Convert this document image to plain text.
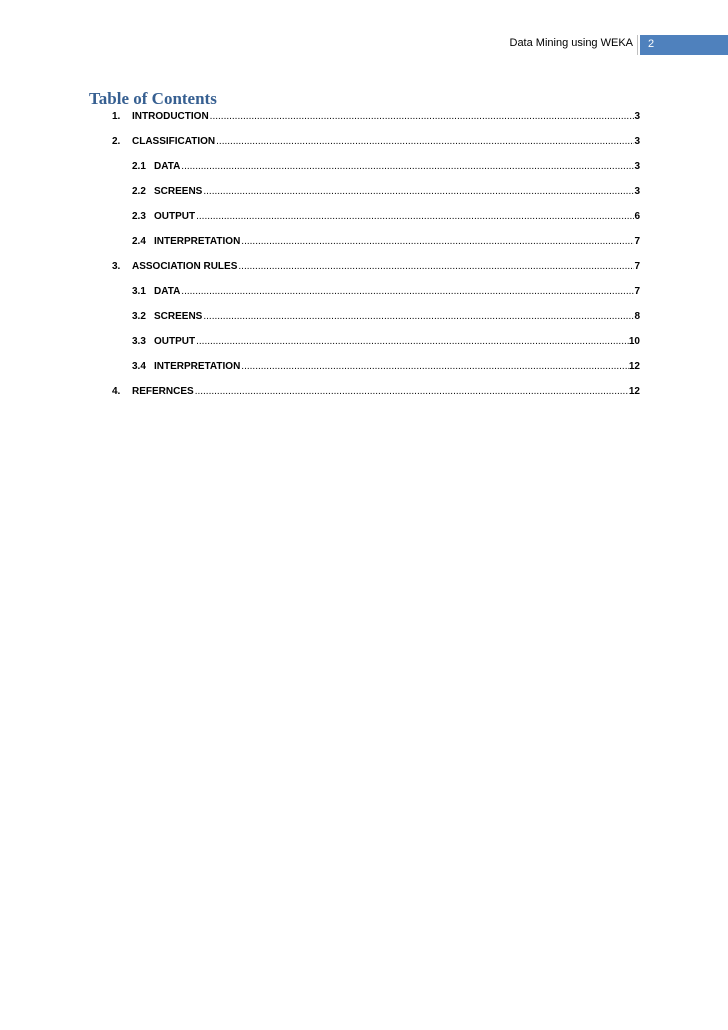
Data Mining using WEKA 2
Table of Contents
1.	INTRODUCTION .....	3
2.	CLASSIFICATION .....	3
2.1 DATA .....	3
2.2 SCREENS .....	3
2.3 OUTPUT .....	6
2.4 INTERPRETATION .....	7
3.	ASSOCIATION RULES .....	7
3.1 DATA .....	7
3.2 SCREENS .....	8
3.3 OUTPUT .....	10
3.4 INTERPRETATION .....	12
4.	REFERNCES .....	12
